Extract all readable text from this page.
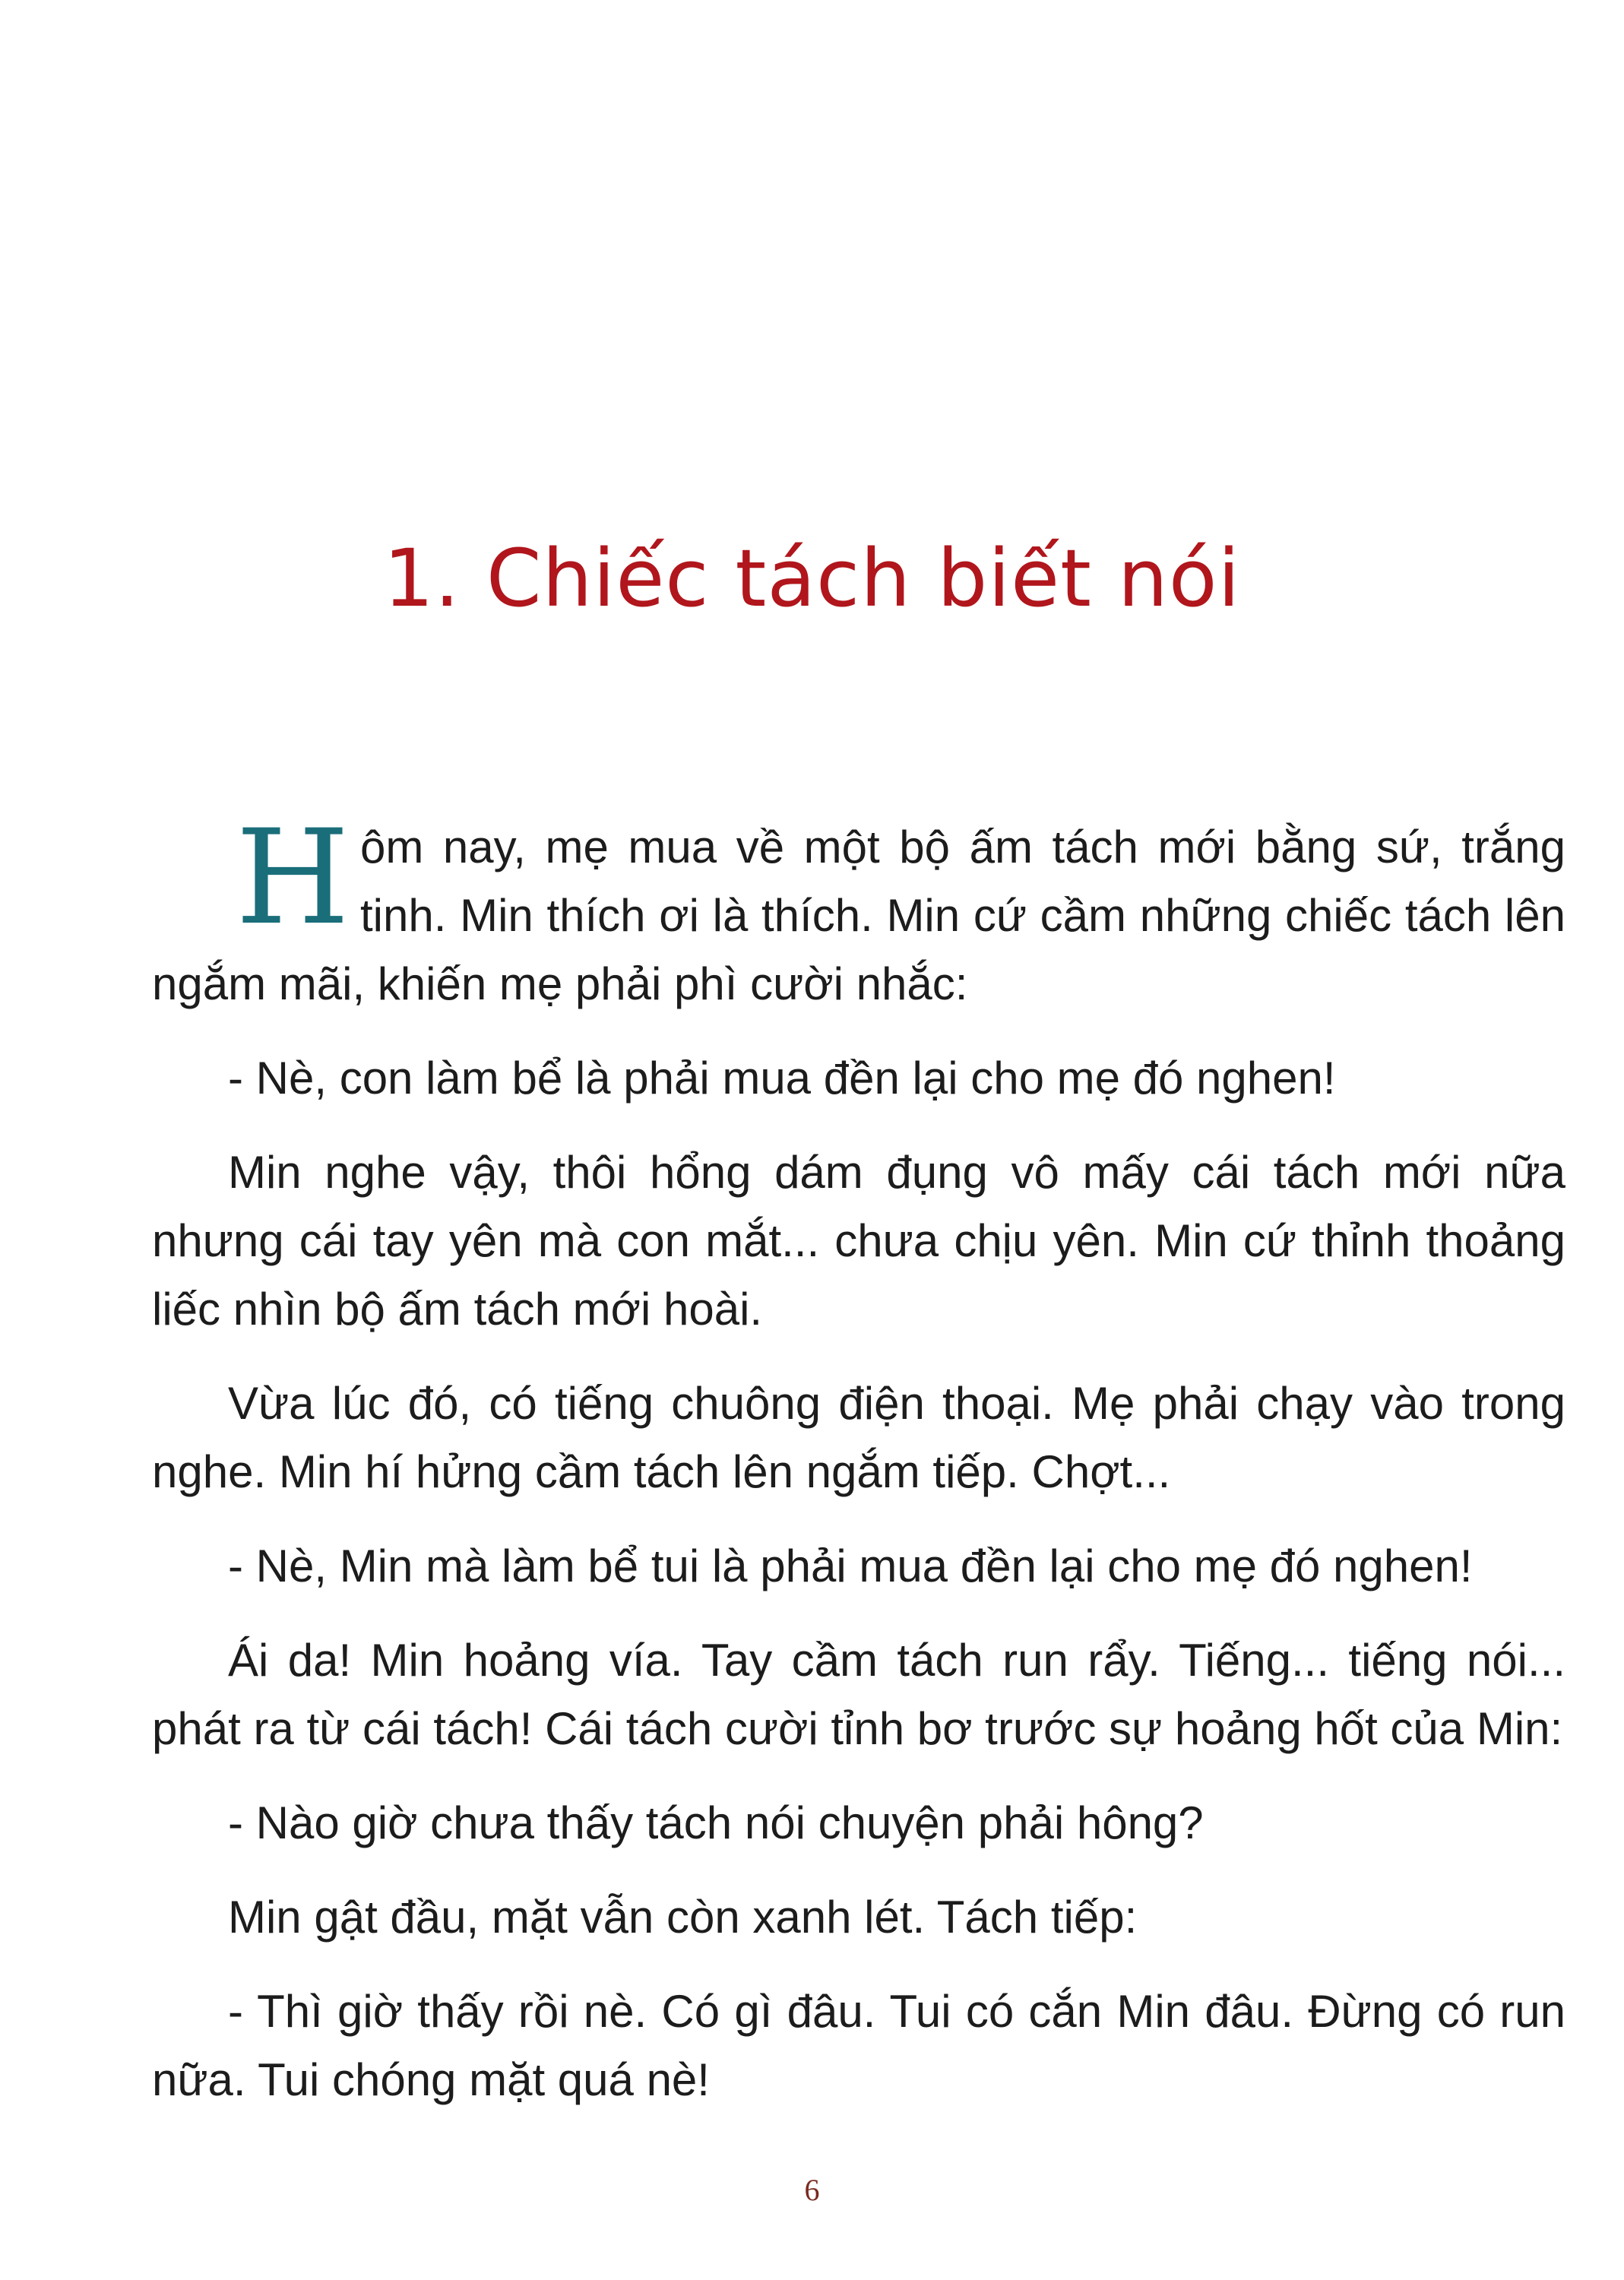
1. Chiếc tách biết nói

Hôm nay, mẹ mua về một bộ ấm tách mới bằng sứ, trắng tinh. Min thích ơi là thích. Min cứ cầm những chiếc tách lên ngắm mãi, khiến mẹ phải phì cười nhắc:

- Nè, con làm bể là phải mua đền lại cho mẹ đó nghen!

Min nghe vậy, thôi hổng dám đụng vô mấy cái tách mới nữa nhưng cái tay yên mà con mắt... chưa chịu yên. Min cứ thỉnh thoảng liếc nhìn bộ ấm tách mới hoài.

Vừa lúc đó, có tiếng chuông điện thoại. Mẹ phải chạy vào trong nghe. Min hí hửng cầm tách lên ngắm tiếp. Chợt...

- Nè, Min mà làm bể tui là phải mua đền lại cho mẹ đó nghen!

Ái da! Min hoảng vía. Tay cầm tách run rẩy. Tiếng... tiếng nói... phát ra từ cái tách! Cái tách cười tỉnh bơ trước sự hoảng hốt của Min:

- Nào giờ chưa thấy tách nói chuyện phải hông?

Min gật đầu, mặt vẫn còn xanh lét. Tách tiếp:

- Thì giờ thấy rồi nè. Có gì đâu. Tui có cắn Min đâu. Đừng có run nữa. Tui chóng mặt quá nè!

6
